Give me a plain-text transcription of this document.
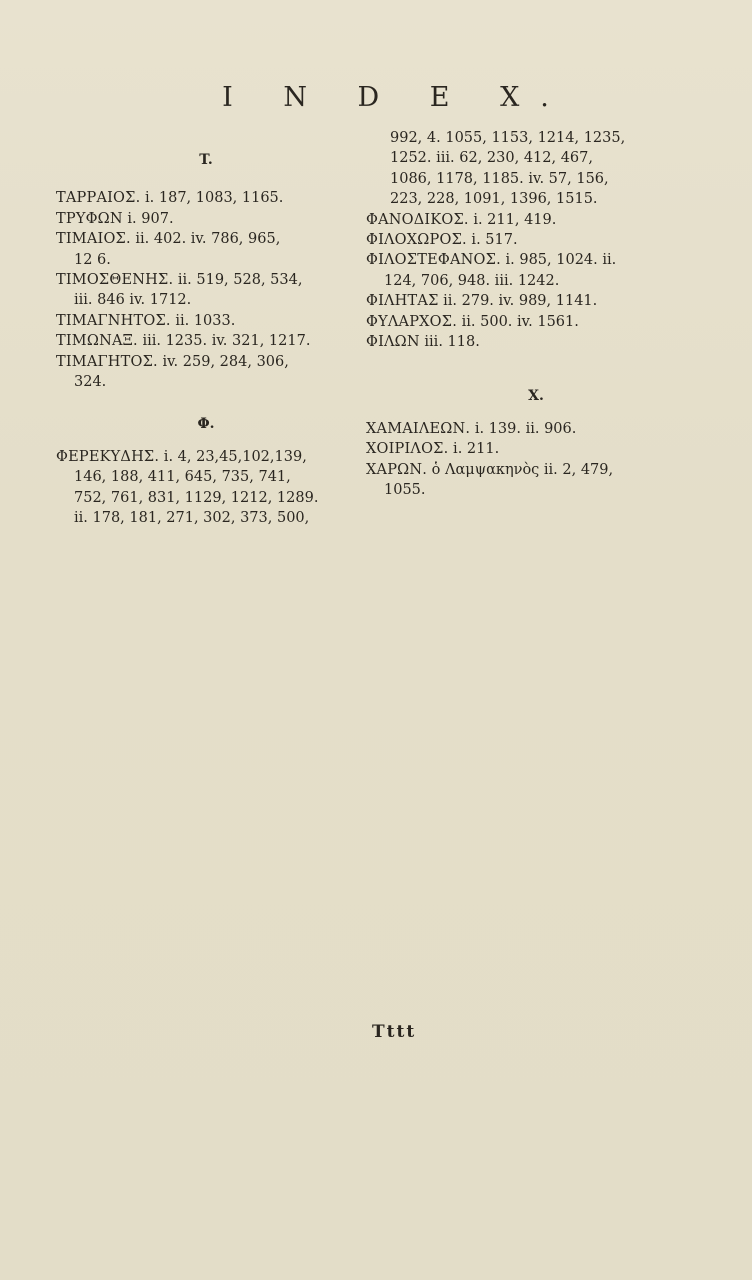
I N D E X.
T.
ΤΑΡΡΑΙΟΣ. i. 187, 1083, 1165.
ΤΡΥΦΩΝ i. 907.
ΤΙΜΑΙΟΣ. ii. 402. iv. 786, 965,
12 6.
ΤΙΜΟΣΘΕΝΗΣ. ii. 519, 528, 534,
iii. 846 iv. 1712.
ΤΙΜΑΓΝΗΤΟΣ. ii. 1033.
ΤΙΜΩΝΑΞ. iii. 1235. iv. 321, 1217.
ΤΙΜΑΓΗΤΟΣ. iv. 259, 284, 306,
324.
Φ.
ΦΕΡΕΚΥΔΗΣ. i. 4, 23,45,102,139,
146, 188, 411, 645, 735, 741,
752, 761, 831, 1129, 1212, 1289.
ii. 178, 181, 271, 302, 373, 500,
992, 4. 1055, 1153, 1214, 1235,
1252. iii. 62, 230, 412, 467,
1086, 1178, 1185. iv. 57, 156,
223, 228, 1091, 1396, 1515.
ΦΑΝΟΔΙΚΟΣ. i. 211, 419.
ΦΙΛΟΧΩΡΟΣ. i. 517.
ΦΙΛΟΣΤΕΦΑΝΟΣ. i. 985, 1024. ii.
124, 706, 948. iii. 1242.
ΦΙΛΗΤΑΣ ii. 279. iv. 989, 1141.
ΦΥΛΑΡΧΟΣ. ii. 500. iv. 1561.
ΦΙΛΩΝ iii. 118.
Χ.
ΧΑΜΑΙΛΕΩΝ. i. 139. ii. 906.
ΧΟΙΡΙΛΟΣ. i. 211.
ΧΑΡΩΝ. ὁ Λαμψακηνὸς ii. 2, 479,
1055.
Tttt
